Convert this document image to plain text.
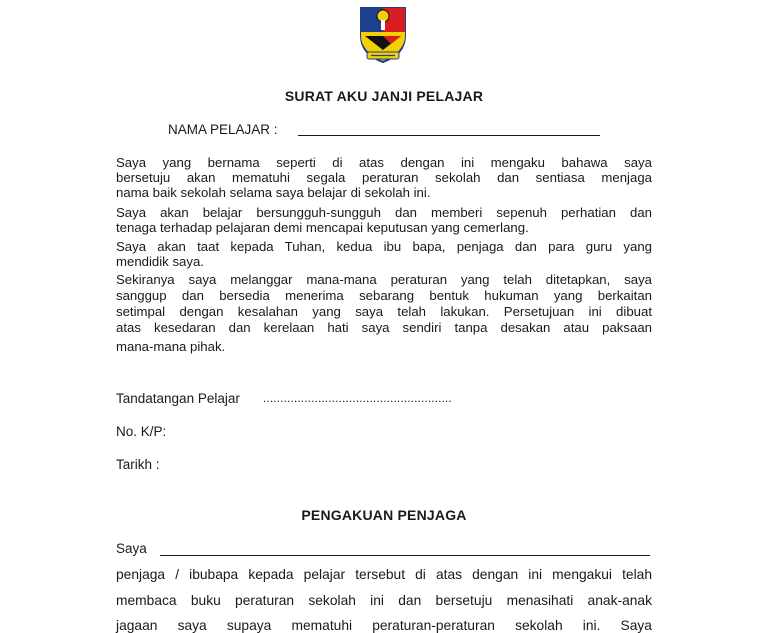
SURAT AKU JANJI PELAJAR
NAMA PELAJAR :
Saya yang bernama seperti di atas dengan ini mengaku bahawa saya
bersetuju akan mematuhi segala peraturan sekolah dan sentiasa menjaga
nama baik sekolah selama saya belajar di sekolah ini.
Saya akan belajar bersungguh-sungguh dan memberi sepenuh perhatian dan
tenaga terhadap pelajaran demi mencapai keputusan yang cemerlang.
Saya akan taat kepada Tuhan, kedua ibu bapa, penjaga dan para guru yang
mendidik saya.
Sekiranya saya melanggar mana-mana peraturan yang telah ditetapkan, saya
sanggup dan bersedia menerima sebarang bentuk hukuman yang berkaitan
setimpal dengan kesalahan yang saya telah lakukan. Persetujuan ini dibuat
atas kesedaran dan kerelaan hati saya sendiri tanpa desakan atau paksaan
mana-mana pihak.
Tandatangan Pelajar .......................................................
No. K/P:
Tarikh :
PENGAKUAN PENJAGA
Saya
penjaga / ibubapa kepada pelajar tersebut di atas dengan ini mengakui telah
membaca buku peraturan sekolah ini dan bersetuju menasihati anak-anak
jagaan saya supaya mematuhi peraturan-peraturan sekolah ini. Saya
